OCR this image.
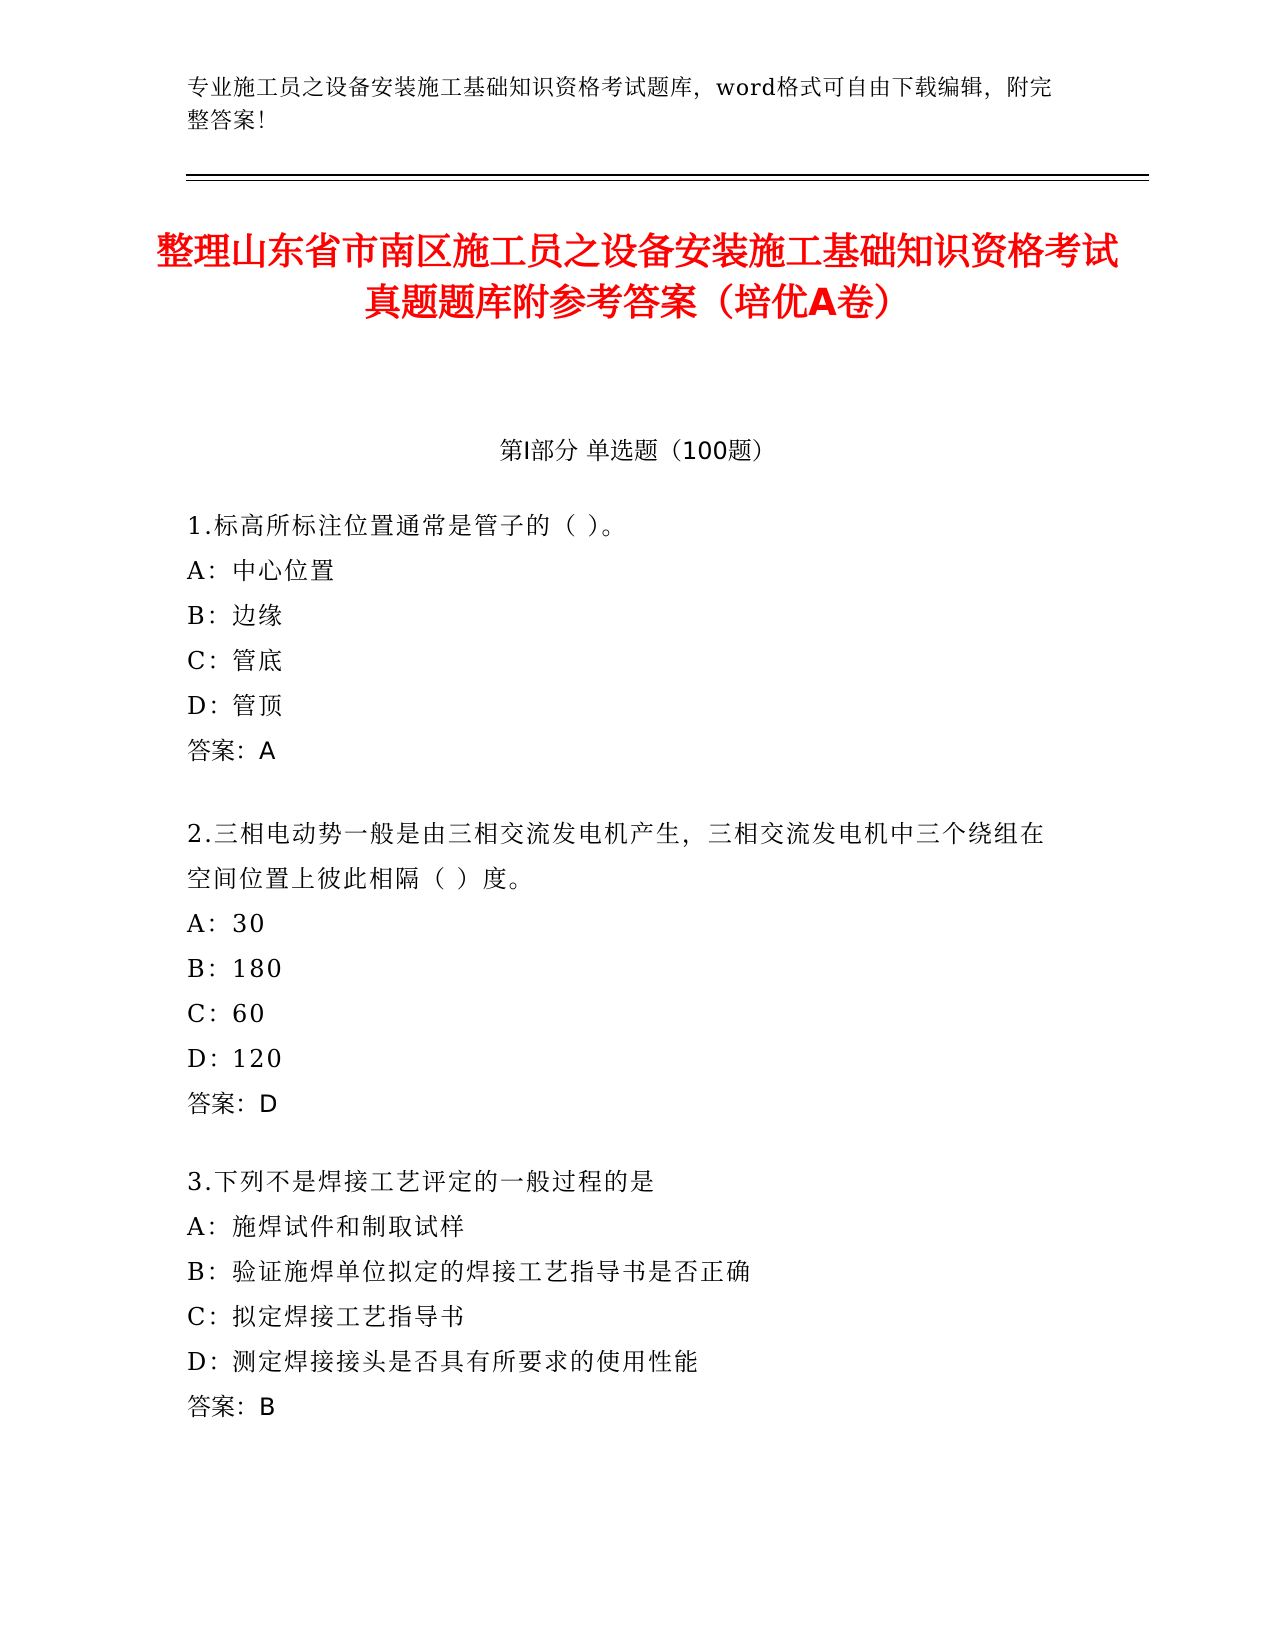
专业施工员之设备安装施工基础知识资格考试题库，word格式可自由下载编辑，附完整答案！
整理山东省市南区施工员之设备安装施工基础知识资格考试真题题库附参考答案（培优A卷）
第Ⅰ部分 单选题（100题）

1.标高所标注位置通常是管子的（ ）。

A：中心位置

B：边缘

C：管底

D：管顶

答案：A

2.三相电动势一般是由三相交流发电机产生，三相交流发电机中三个绕组在空间位置上彼此相隔（ ）度。

A：30

B：180

C：60

D：120

答案：D

3.下列不是焊接工艺评定的一般过程的是

A：施焊试件和制取试样

B：验证施焊单位拟定的焊接工艺指导书是否正确

C：拟定焊接工艺指导书

D：测定焊接接头是否具有所要求的使用性能

答案：B
